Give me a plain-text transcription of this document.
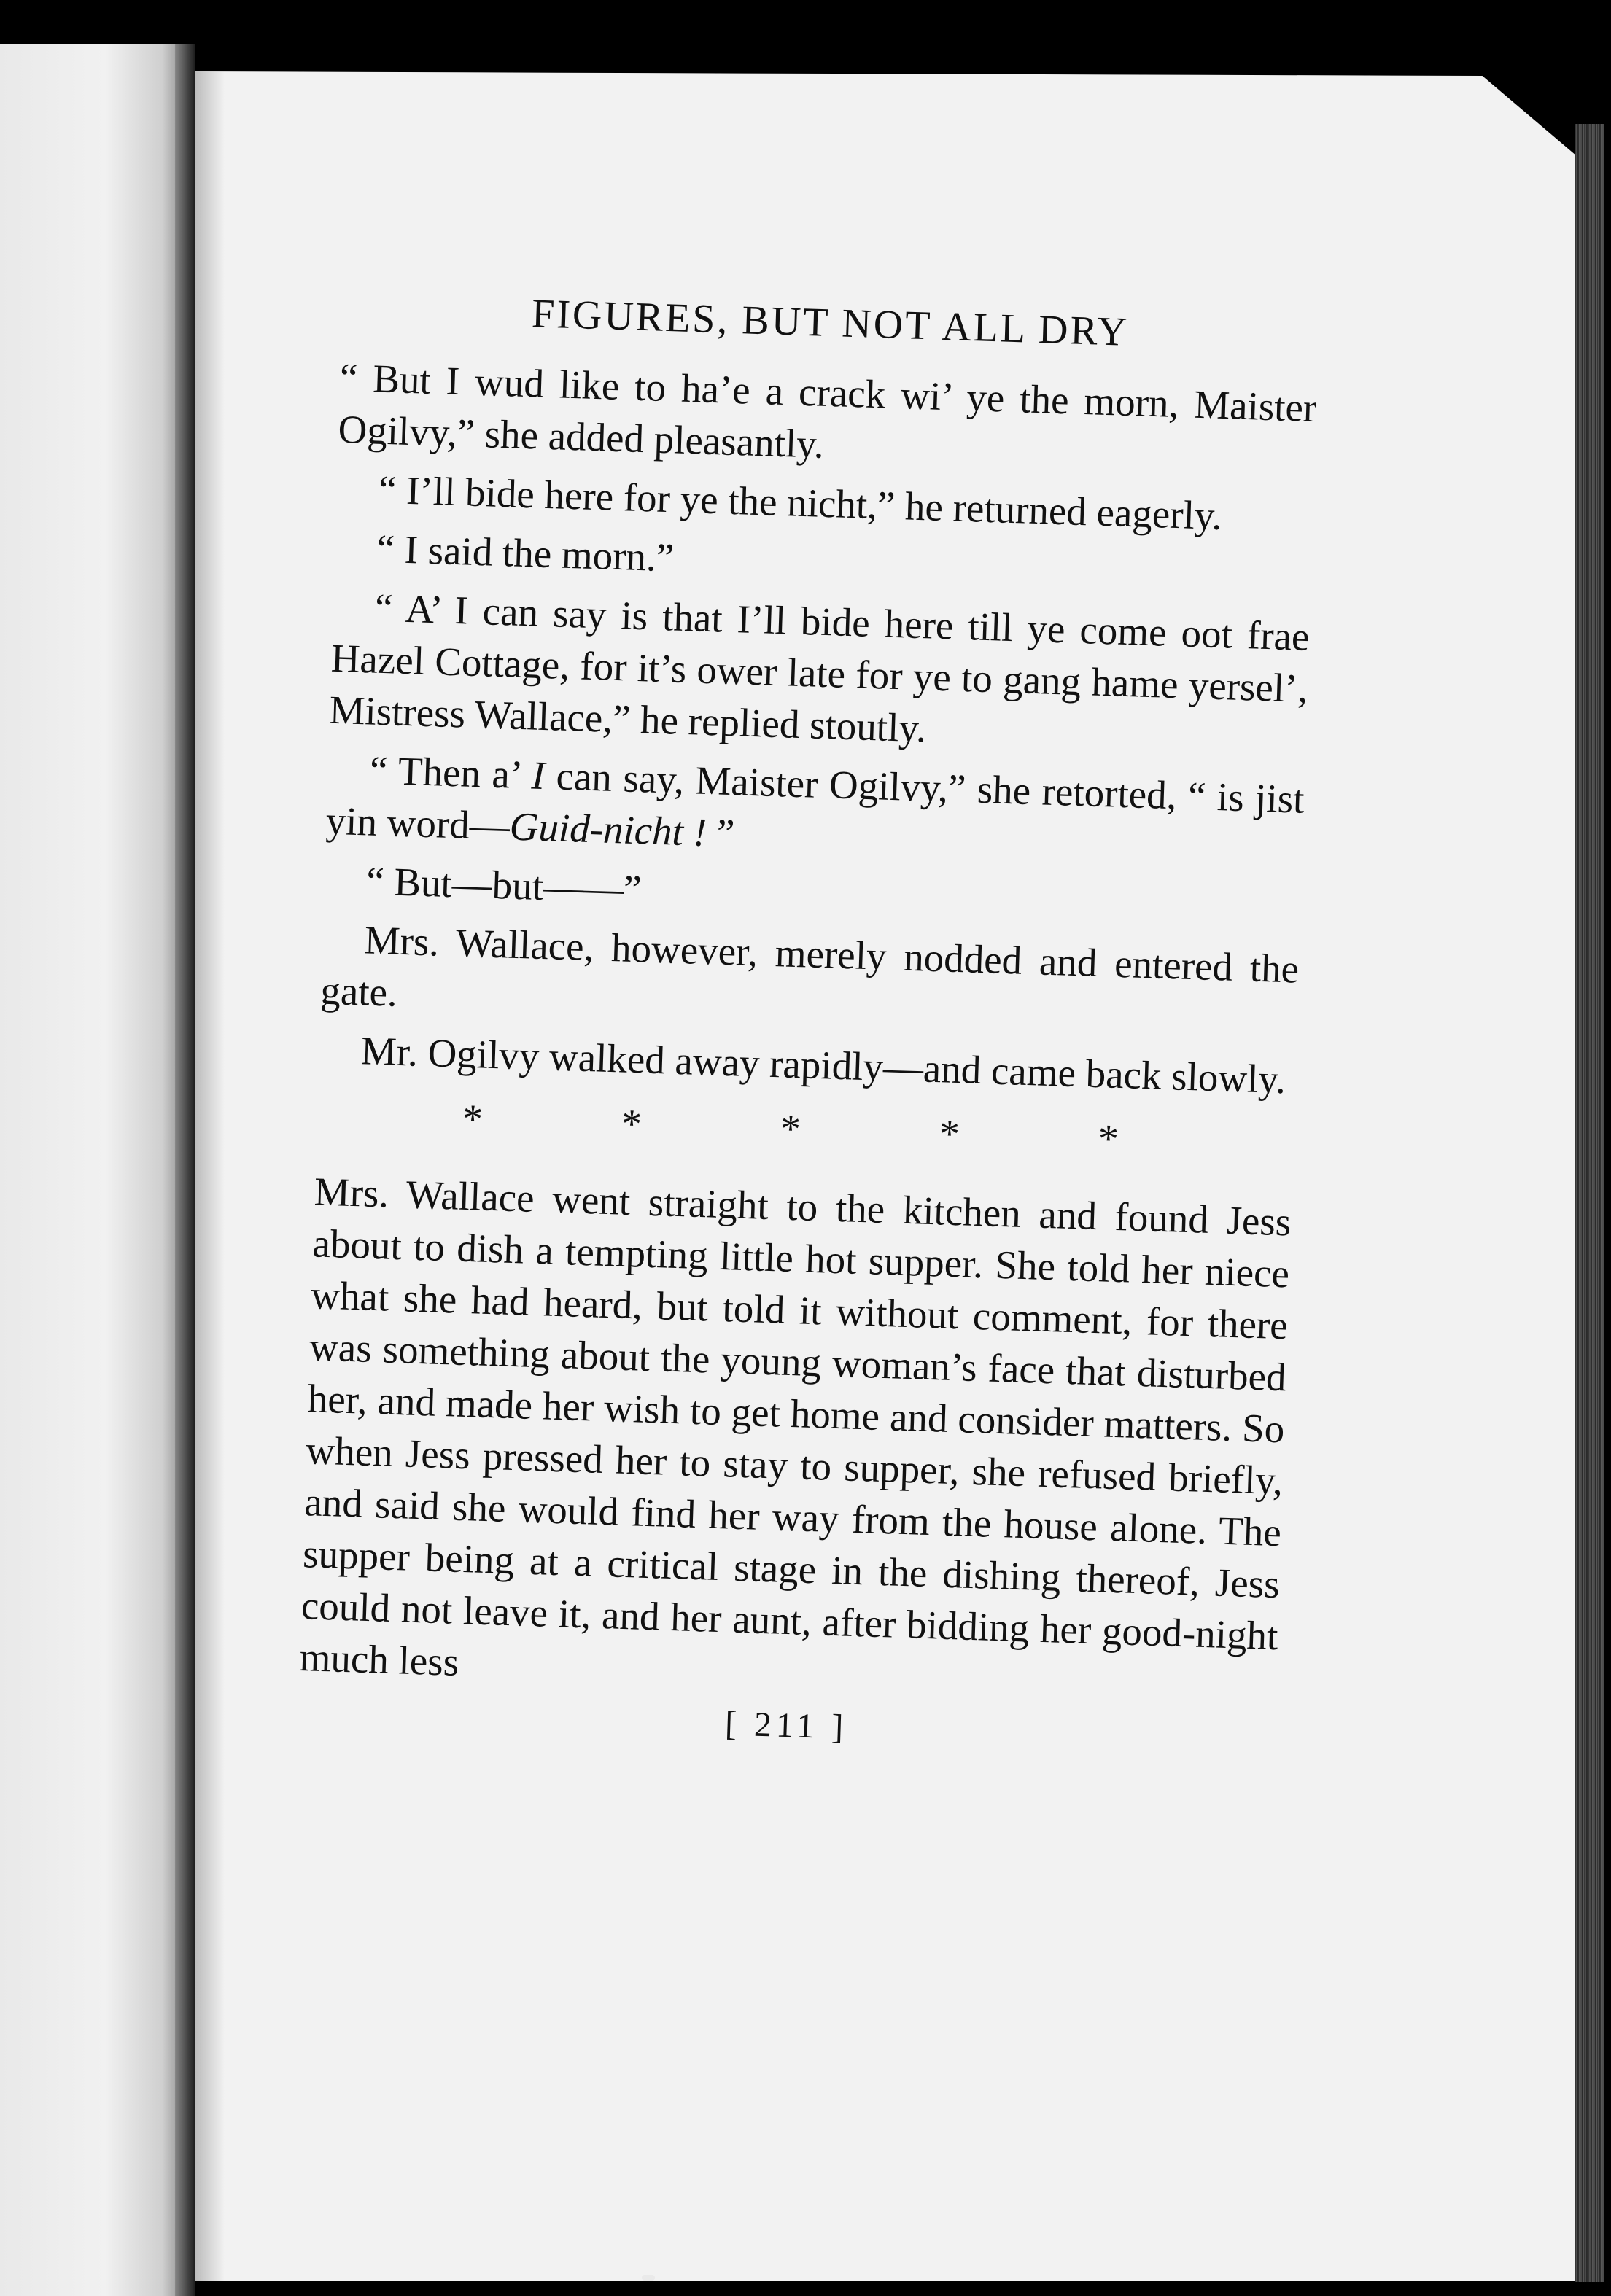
FIGURES, BUT NOT ALL DRY

“ But I wud like to ha’e a crack wi’ ye the morn, Maister Ogilvy,” she added pleasantly.

“ I’ll bide here for ye the nicht,” he returned eagerly.

“ I said the morn.”

“ A’ I can say is that I’ll bide here till ye come oot frae Hazel Cottage, for it’s ower late for ye to gang hame yersel’, Mistress Wallace,” he replied stoutly.

“ Then a’ I can say, Maister Ogilvy,” she retorted, “ is jist yin word—Guid-nicht ! ”

“ But—but——”

Mrs. Wallace, however, merely nodded and entered the gate.

Mr. Ogilvy walked away rapidly—and came back slowly.

*	*	*	*	*

Mrs. Wallace went straight to the kitchen and found Jess about to dish a tempting little hot supper. She told her niece what she had heard, but told it without comment, for there was something about the young woman’s face that disturbed her, and made her wish to get home and consider matters. So when Jess pressed her to stay to supper, she refused briefly, and said she would find her way from the house alone. The supper being at a critical stage in the dishing thereof, Jess could not leave it, and her aunt, after bidding her good-night much less

[ 211 ]
